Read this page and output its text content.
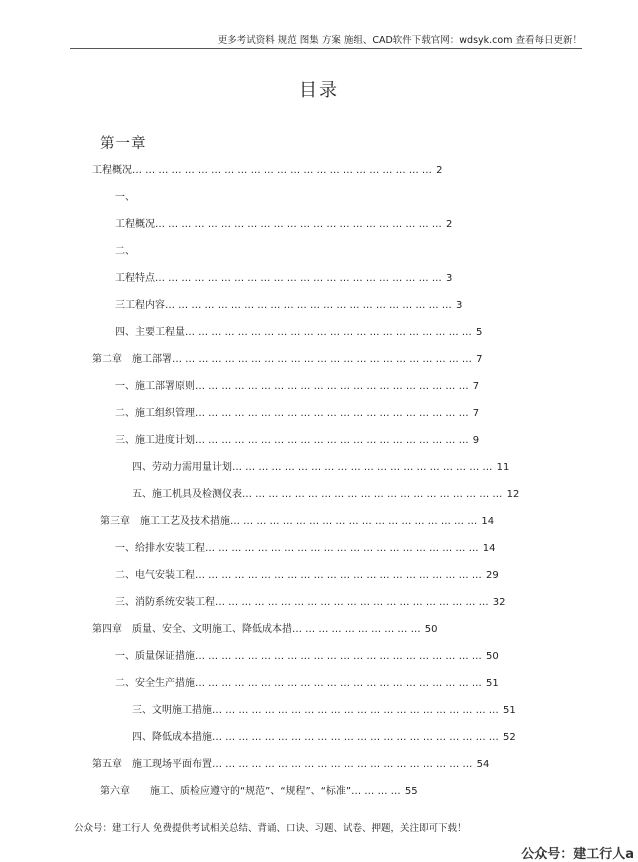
更多考试资料 规范 图集 方案 施组、CAD软件下载官网：wdsyk.com 查看每日更新！
目录
第一章
工程概况… … … … … … … … … … … … … … … … … … … … … … … 2
一、
工程概况… … … … … … … … … … … … … … … … … … … … … … 2
二、
工程特点… … … … … … … … … … … … … … … … … … … … … … 3
三工程内容… … … … … … … … … … … … … … … … … … … … … … 3
四、主要工程量… … … … … … … … … … … … … … … … … … … … … … 5
第二章　施工部署… … … … … … … … … … … … … … … … … … … … … … … 7
一、施工部署原则… … … … … … … … … … … … … … … … … … … … … 7
二、施工组织管理… … … … … … … … … … … … … … … … … … … … … 7
三、施工进度计划… … … … … … … … … … … … … … … … … … … … … 9
四、劳动力需用量计划… … … … … … … … … … … … … … … … … … … … 11
五、施工机具及检测仪表… … … … … … … … … … … … … … … … … … … … 12
第三章　施工工艺及技术措施… … … … … … … … … … … … … … … … … … … 14
一、给排水安装工程… … … … … … … … … … … … … … … … … … … … … 14
二、电气安装工程… … … … … … … … … … … … … … … … … … … … … … 29
三、消防系统安装工程… … … … … … … … … … … … … … … … … … … … … 32
第四章　质量、安全、文明施工、降低成本措… … … … … … … … … … 50
一、质量保证措施… … … … … … … … … … … … … … … … … … … … … … 50
二、安全生产措施… … … … … … … … … … … … … … … … … … … … … … 51
三、文明施工措施… … … … … … … … … … … … … … … … … … … … … … 51
四、降低成本措施… … … … … … … … … … … … … … … … … … … … … … 52
第五章　施工现场平面布置… … … … … … … … … … … … … … … … … … … … 54
第六章　　施工、质检应遵守的“规范”、“规程”、“标准”… … … … 55
公众号：建工行人 免费提供考试相关总结、背诵、口诀、习题、试卷、押题，关注即可下载！
公众号：建工行人a
